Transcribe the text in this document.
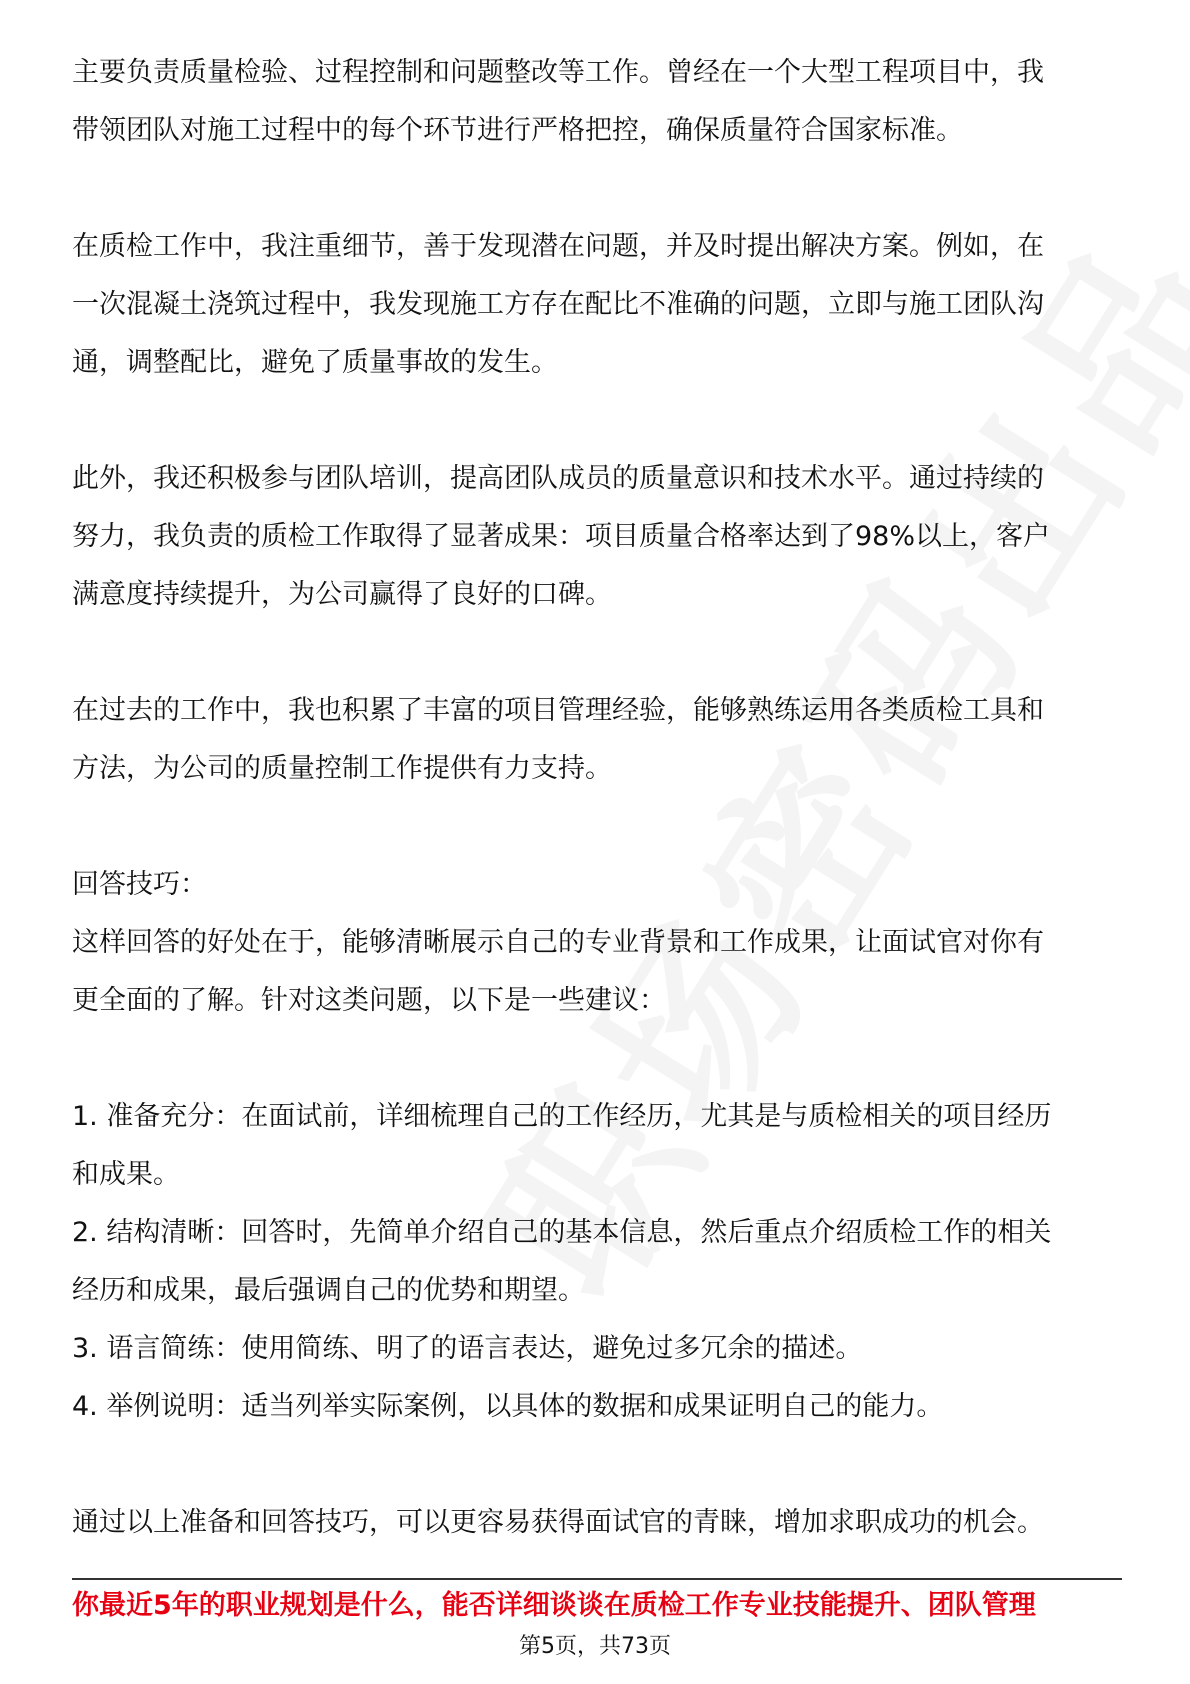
主要负责质量检验、过程控制和问题整改等工作。曾经在一个大型工程项目中，我

带领团队对施工过程中的每个环节进行严格把控，确保质量符合国家标准。

在质检工作中，我注重细节，善于发现潜在问题，并及时提出解决方案。例如，在

一次混凝土浇筑过程中，我发现施工方存在配比不准确的问题，立即与施工团队沟

通，调整配比，避免了质量事故的发生。

此外，我还积极参与团队培训，提高团队成员的质量意识和技术水平。通过持续的

努力，我负责的质检工作取得了显著成果：项目质量合格率达到了98%以上，客户

满意度持续提升，为公司赢得了良好的口碑。

在过去的工作中，我也积累了丰富的项目管理经验，能够熟练运用各类质检工具和

方法，为公司的质量控制工作提供有力支持。

回答技巧：

这样回答的好处在于，能够清晰展示自己的专业背景和工作成果，让面试官对你有

更全面的了解。针对这类问题，以下是一些建议：

1. 准备充分：在面试前，详细梳理自己的工作经历，尤其是与质检相关的项目经历

和成果。

2. 结构清晰：回答时，先简单介绍自己的基本信息，然后重点介绍质检工作的相关

经历和成果，最后强调自己的优势和期望。

3. 语言简练：使用简练、明了的语言表达，避免过多冗余的描述。

4. 举例说明：适当列举实际案例，以具体的数据和成果证明自己的能力。

通过以上准备和回答技巧，可以更容易获得面试官的青睐，增加求职成功的机会。

你最近5年的职业规划是什么，能否详细谈谈在质检工作专业技能提升、团队管理
第5页，共73页
